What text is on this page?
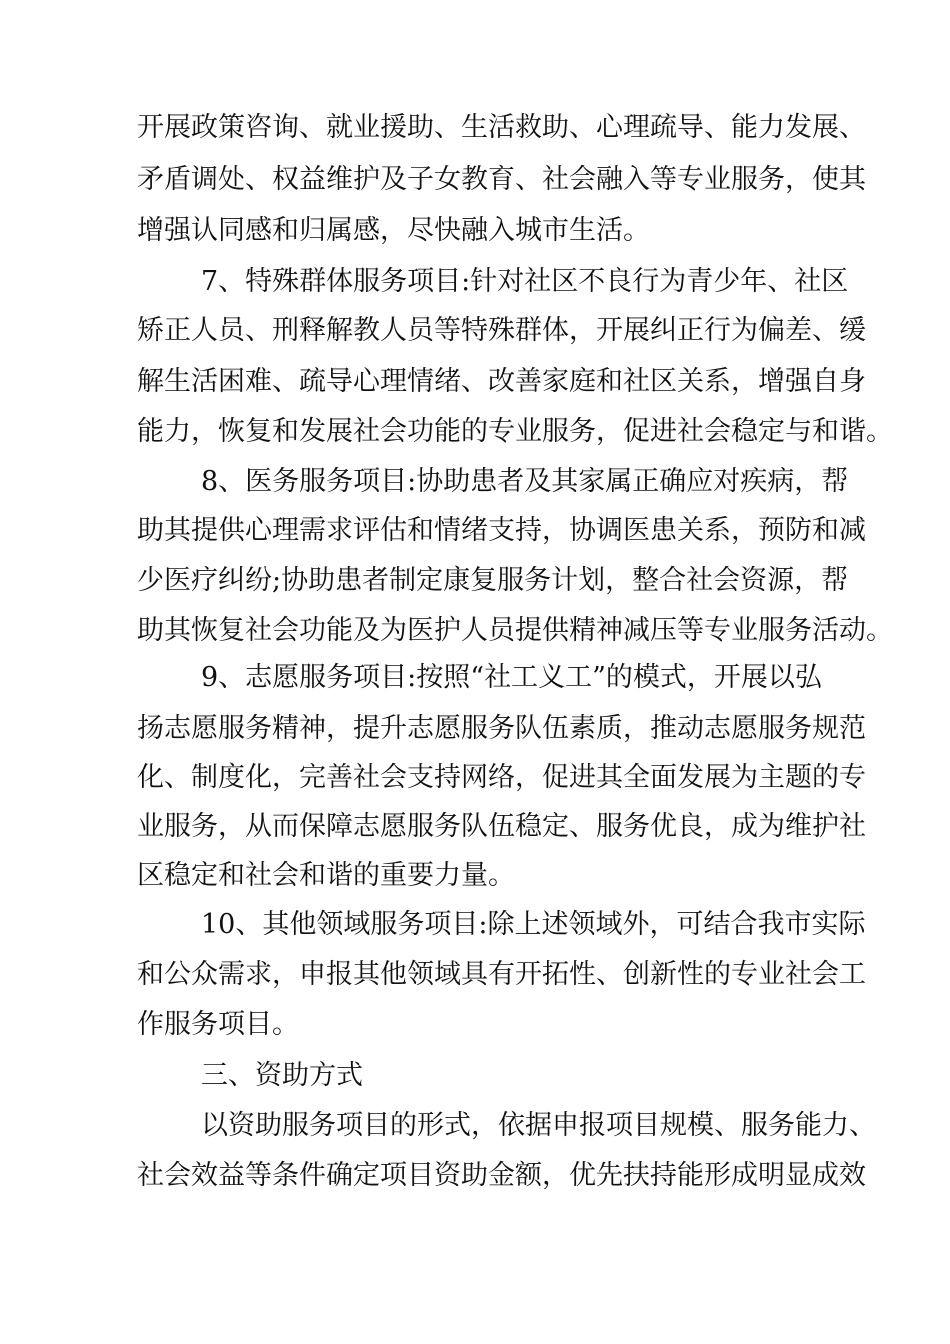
开展政策咨询、就业援助、生活救助、心理疏导、能力发展、
矛盾调处、权益维护及子女教育、社会融入等专业服务，使其
增强认同感和归属感，尽快融入城市生活。
7、特殊群体服务项目:针对社区不良行为青少年、社区
矫正人员、刑释解教人员等特殊群体，开展纠正行为偏差、缓
解生活困难、疏导心理情绪、改善家庭和社区关系，增强自身
能力，恢复和发展社会功能的专业服务，促进社会稳定与和谐。
8、医务服务项目:协助患者及其家属正确应对疾病，帮
助其提供心理需求评估和情绪支持，协调医患关系，预防和减
少医疗纠纷;协助患者制定康复服务计划，整合社会资源，帮
助其恢复社会功能及为医护人员提供精神减压等专业服务活动。
9、志愿服务项目:按照“社工义工”的模式，开展以弘
扬志愿服务精神，提升志愿服务队伍素质，推动志愿服务规范
化、制度化，完善社会支持网络，促进其全面发展为主题的专
业服务，从而保障志愿服务队伍稳定、服务优良，成为维护社
区稳定和社会和谐的重要力量。
10、其他领域服务项目:除上述领域外，可结合我市实际
和公众需求，申报其他领域具有开拓性、创新性的专业社会工
作服务项目。
三、资助方式
以资助服务项目的形式，依据申报项目规模、服务能力、
社会效益等条件确定项目资助金额，优先扶持能形成明显成效
